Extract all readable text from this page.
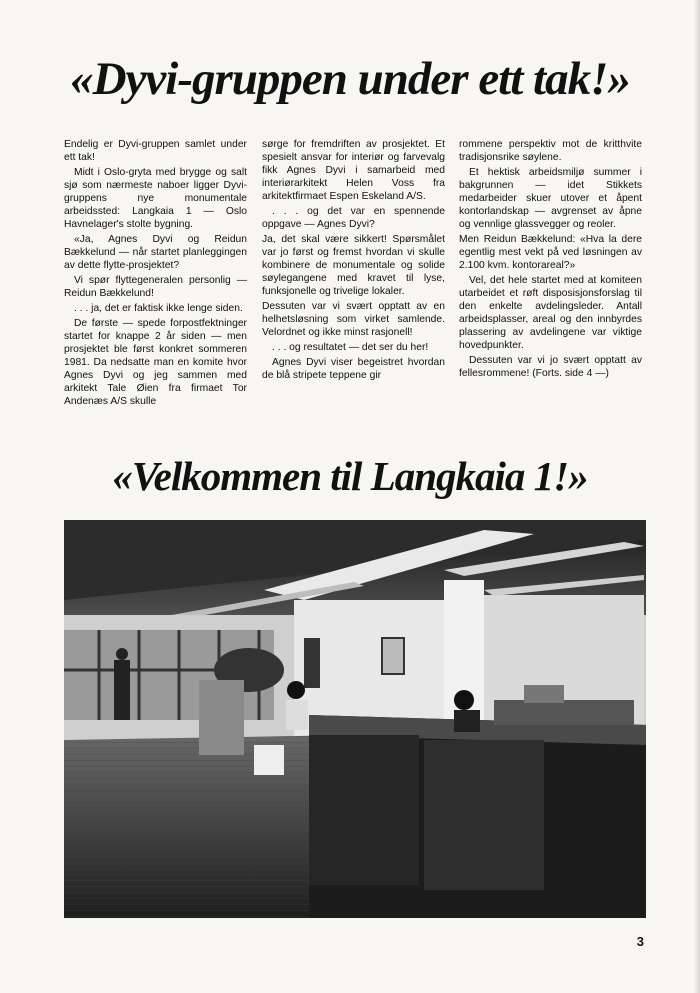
«Dyvi-gruppen under ett tak!»

Endelig er Dyvi-gruppen samlet under ett tak!

Midt i Oslo-gryta med brygge og salt sjø som nærmeste naboer ligger Dyvi-gruppens nye monumentale arbeidssted: Langkaia 1 — Oslo Havnelager's stolte bygning.

«Ja, Agnes Dyvi og Reidun Bækkelund — når startet planleggingen av dette flytte-prosjektet?

Vi spør flyttegeneralen personlig — Reidun Bækkelund!

. . . ja, det er faktisk ikke lenge siden.

De første — spede forpostfektninger startet for knappe 2 år siden — men prosjektet ble først konkret sommeren 1981. Da nedsatte man en komite hvor Agnes Dyvi og jeg sammen med arkitekt Tale Øien fra firmaet Tor Andenæs A/S skulle

sørge for fremdriften av prosjektet. Et spesielt ansvar for interiør og farvevalg fikk Agnes Dyvi i samarbeid med interiørarkitekt Helen Voss fra arkitektfirmaet Espen Eskeland A/S.

. . . og det var en spennende oppgave — Agnes Dyvi?

Ja, det skal være sikkert! Spørsmålet var jo først og fremst hvordan vi skulle kombinere de monumentale og solide søylegangene med kravet til lyse, funksjonelle og trivelige lokaler.

Dessuten var vi svært opptatt av en helhetsløsning som virket samlende. Velordnet og ikke minst rasjonell!

. . . og resultatet — det ser du her!

Agnes Dyvi viser begeistret hvordan de blå stripete teppene gir

rommene perspektiv mot de kritthvite tradisjonsrike søylene.

Et hektisk arbeidsmiljø summer i bakgrunnen — idet Stikkets medarbeider skuer utover et åpent kontorlandskap — avgrenset av åpne og vennlige glassvegger og reoler.

Men Reidun Bækkelund: «Hva la dere egentlig mest vekt på ved løsningen av 2.100 kvm. kontorareal?»

Vel, det hele startet med at komiteen utarbeidet et røft disposisjonsforslag til den enkelte avdelingsleder. Antall arbeidsplasser, areal og den innbyrdes plassering av avdelingene var viktige hovedpunkter.

Dessuten var vi jo svært opptatt av fellesrommene! (Forts. side 4 —)

«Velkommen til Langkaia 1!»
3
